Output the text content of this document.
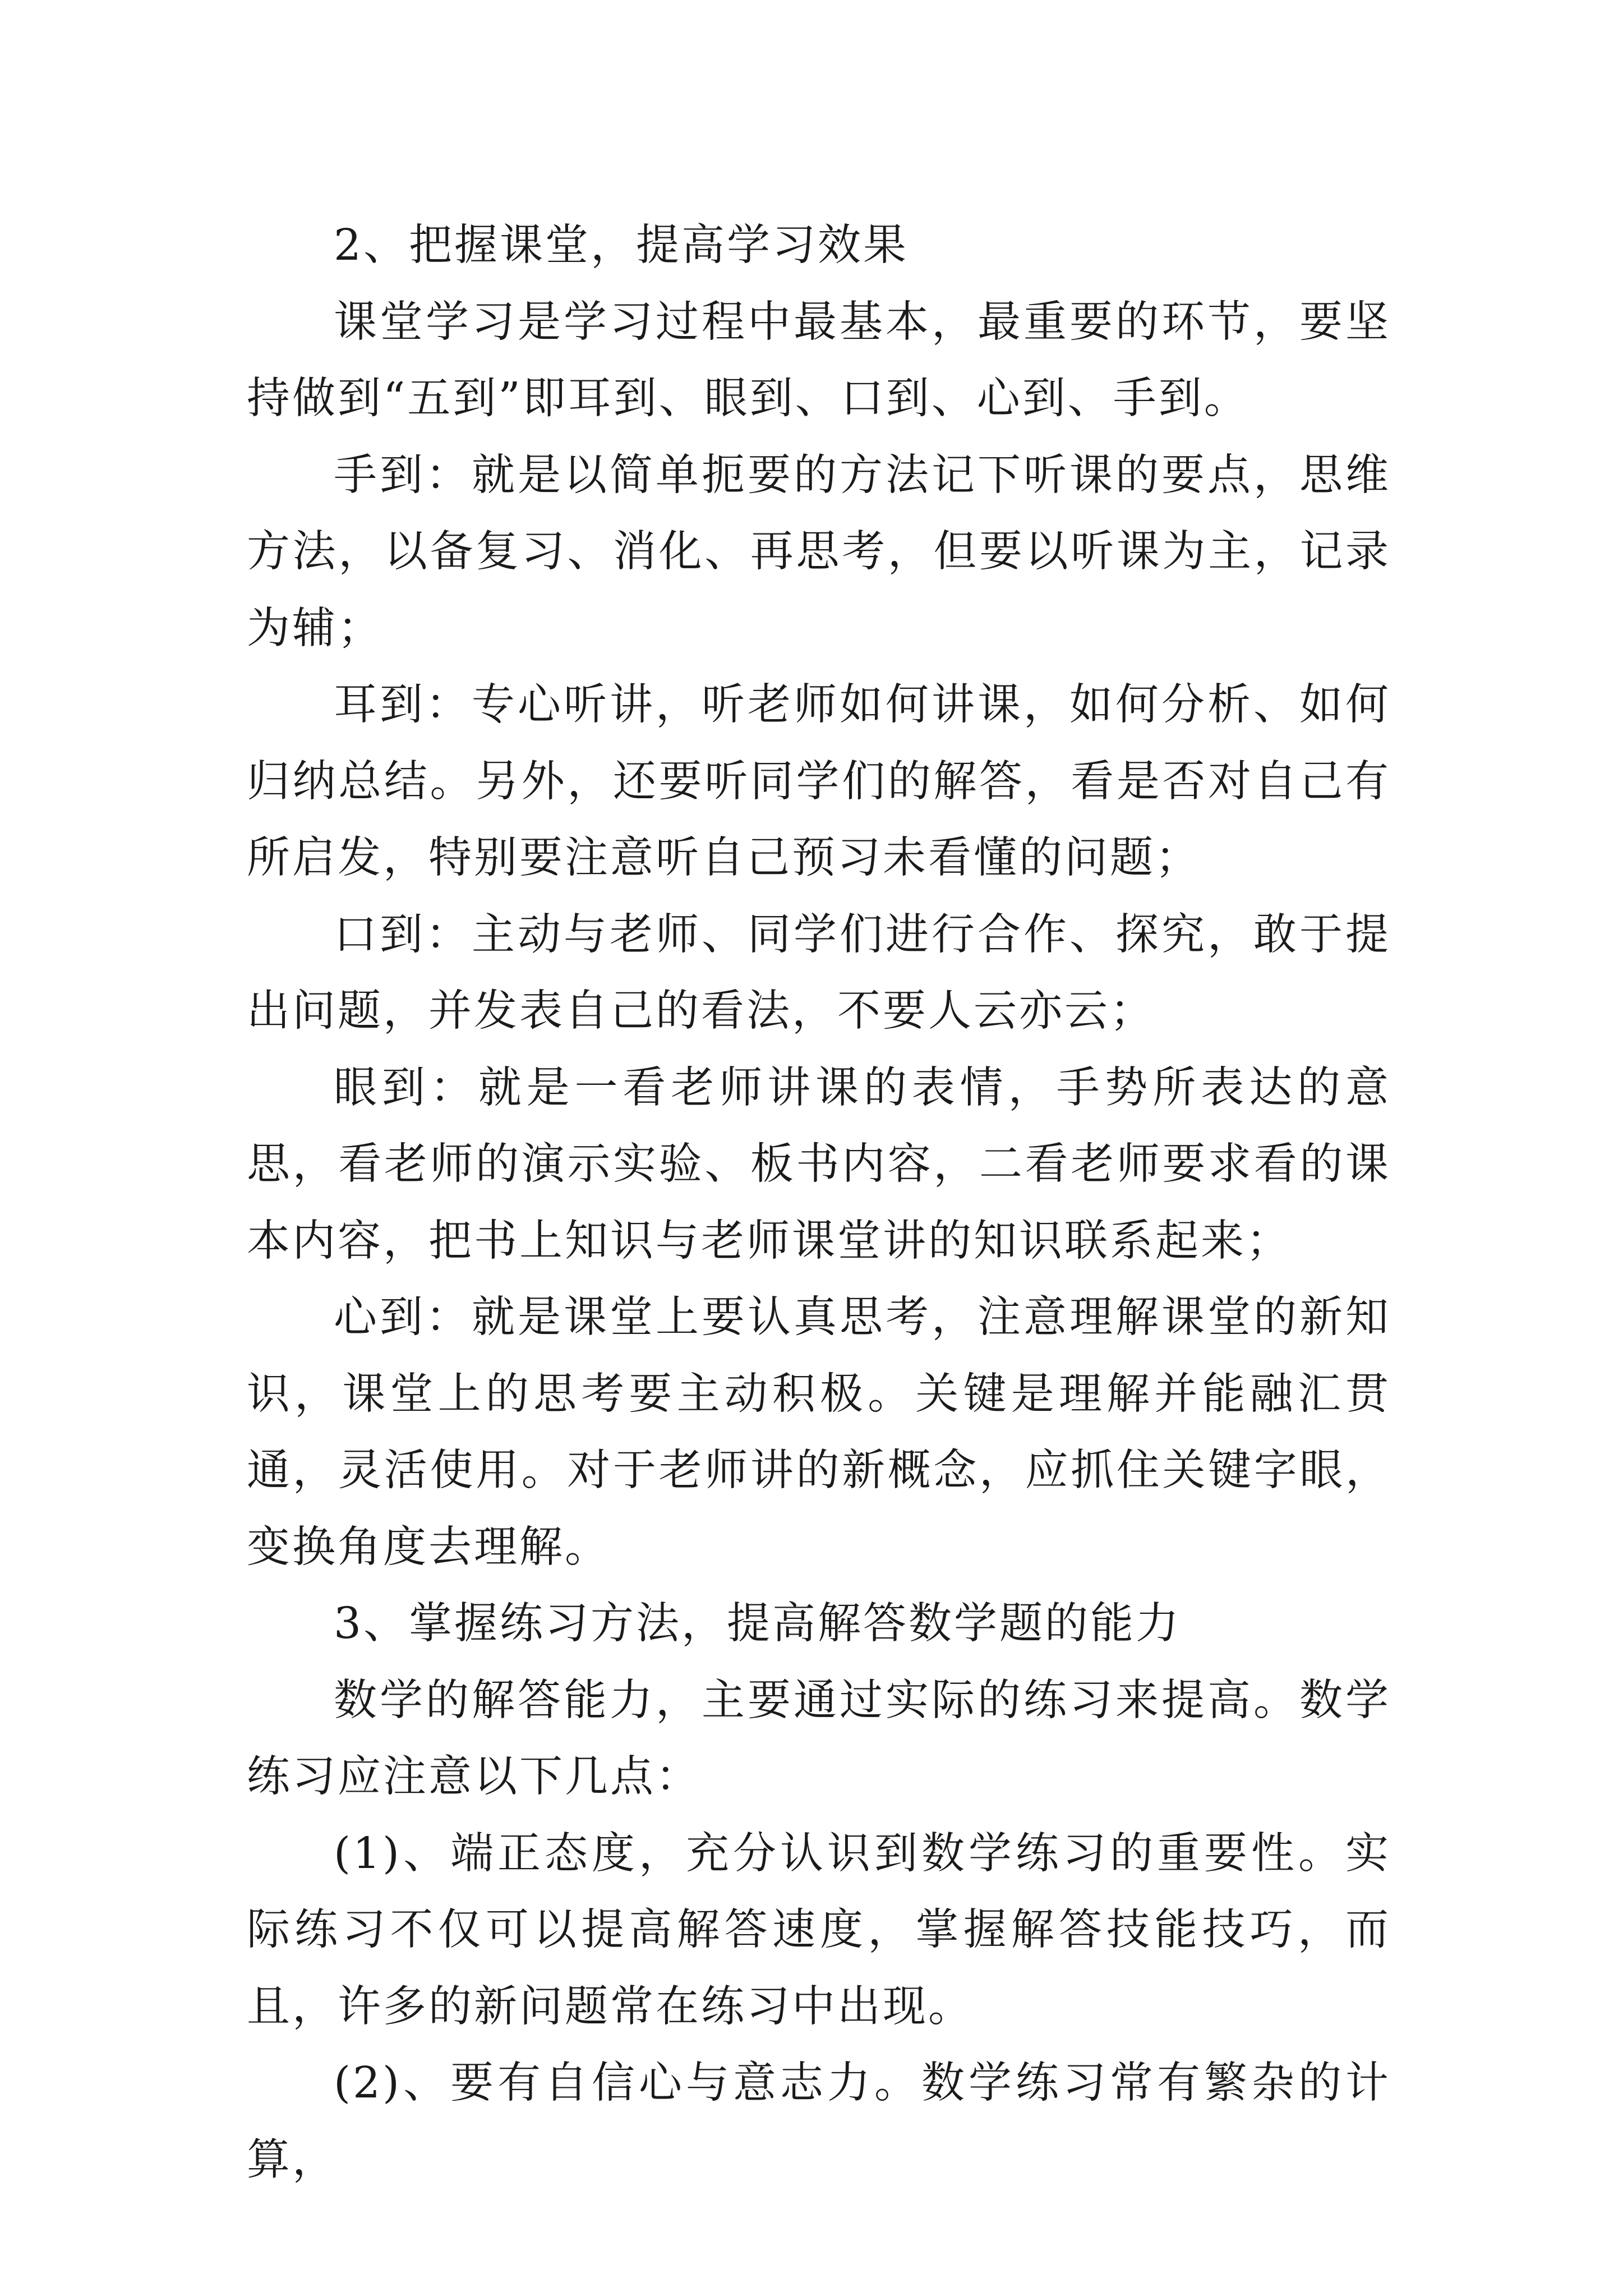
2、把握课堂，提高学习效果

课堂学习是学习过程中最基本，最重要的环节，要坚持做到“五到”即耳到、眼到、口到、心到、手到。

手到：就是以简单扼要的方法记下听课的要点，思维方法，以备复习、消化、再思考，但要以听课为主，记录为辅；

耳到：专心听讲，听老师如何讲课，如何分析、如何归纳总结。另外，还要听同学们的解答，看是否对自己有所启发，特别要注意听自己预习未看懂的问题；

口到：主动与老师、同学们进行合作、探究，敢于提出问题，并发表自己的看法，不要人云亦云；

眼到：就是一看老师讲课的表情，手势所表达的意思，看老师的演示实验、板书内容，二看老师要求看的课本内容，把书上知识与老师课堂讲的知识联系起来；

心到：就是课堂上要认真思考，注意理解课堂的新知识，课堂上的思考要主动积极。关键是理解并能融汇贯通，灵活使用。对于老师讲的新概念，应抓住关键字眼，变换角度去理解。

3、掌握练习方法，提高解答数学题的能力

数学的解答能力，主要通过实际的练习来提高。数学练习应注意以下几点：

(1)、端正态度，充分认识到数学练习的重要性。实际练习不仅可以提高解答速度，掌握解答技能技巧，而且，许多的新问题常在练习中出现。

(2)、要有自信心与意志力。数学练习常有繁杂的计算，
